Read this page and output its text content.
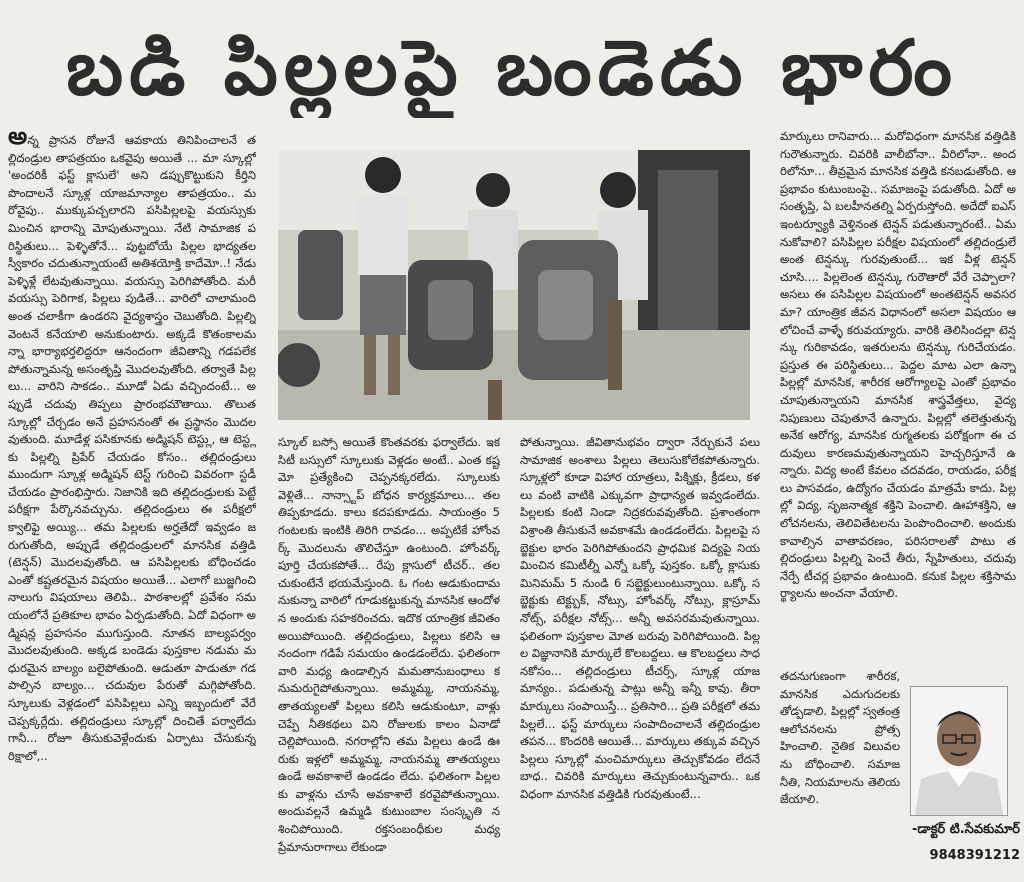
బడి పిల్లలపై బండెడు భారం

అన్న ప్రాసన రోజునే ఆవకాయ తినిపించాలనే తల్లిదండ్రుల తాపత్రయం ఒకవైపు అయితే ... మా స్కూల్లో 'అందరికీ ఫస్ట్ క్లాసులే' అని డప్పుకొట్టుకుని కీర్తిని పొందాలనే స్కూళ్ల యాజమాన్యాల తాపత్రయం.. మరోవైపు.. ముక్కుపచ్చలారని పసిపిల్లలపై వయస్సుకు మించిన భారాన్ని మోపుతున్నాయి. నేటి సామాజిక పరిస్థితులు... పెళ్ళితోనే... పుట్టబోయే పిల్లల భాద్యతల స్వీకారం చదుతున్నాయంటే అతిశయోక్తి కాదేమో..! నేడు పెళ్ళిళ్లే లేటవుతున్నాయి. వయస్సు పెరిగిపోతోంది. మరీ వయస్సు పెరిగాక, పిల్లలు పుడితే... వారిలో చాలామంది అంత చలాకీగా ఉండరని వైద్యశాస్త్రం చెబుతోంది. పిల్లల్ని వెంటనే కనేయాలి అనుకుంటారు. అక్కడే కొతంకాలమన్నా భార్యాభర్తలిద్దరూ ఆనందంగా జీవితాన్ని గడపలేకపోతున్నామన్న అసంతృప్తి మొదలవుతోంది. తర్వాతే పిల్లలు... వారిని సాకడం.. మూడో ఏడు వచ్చిందంటే... అప్పుడే చదువు తిప్పలు ప్రారంభమౌతాయి. తొలుత స్కూల్లో చేర్చడం అనే ప్రహసనంతో ఈ ప్రస్థానం మొదలవుతుంది. మూడేళ్ల పసికూనకు అడ్మిషన్ టెస్ట్లు, ఆ టెస్ట్లకు పిల్లల్ని ప్రిపేర్ చేయడం కోసం.. తల్లిదండ్రులు ముందుగా స్కూళ్ల అడ్మిషన్ టెస్ట్ గురించి వివరంగా స్టడీ చేయడం ప్రారంభిస్తారు. నిజానికి ఇది తల్లిదండ్రులకు పెట్టే పరీక్షగా పేర్కొనవచ్చును. తల్లిదండ్రులు ఈ పరీక్షలో క్వాలిఫై అయ్యి... తమ పిల్లలకు అర్హతేదో ఇవ్వడం జరుగుతోంది, అప్పుడే తల్లిదండ్రులలో మానసిక వత్తిడి (టెన్షన్) మొదలవుతోంది. ఆ పసిపిల్లలకు బోధించడం ఎంతో కష్టతరమైన విషయం అయితే... ఎలాగో బుజ్జగించి నాలుగు విషయాలు తెలిపి.. పాఠశాలల్లో ప్రవేశం సమయంలోనే ప్రతికూల భావం ఏర్పడుతోంది. ఏదో విధంగా అడ్మిషన్ల ప్రహసనం ముగుస్తుంది. నూతన బాల్యపర్వం మొదలవుతుంది. అక్కడ బండెడు పుస్తకాల నడుమ మధురమైన బాల్యం బలైపోతుంది. ఆడుతూ పాడుతూ గడపాల్సిన బాల్యం... చదువుల పేరుతో మగ్గిపోతోంది.స్కూలుకు వెళ్లడంలో పసిపిల్లలు ఎన్ని ఇబ్బందులో వేరే చెప్పక్కర్లేదు. తల్లిదండ్రులు స్కూల్లో దించితే పర్వాలేదు గానీ... రోజూ తీసుకువెళ్లేందుకు ఏర్పాటు చేసుకున్న రిక్షాలో,..

స్కూల్ బస్సో అయితే కొంతవరకు ఫర్వాలేదు. ఇక సిటీ బస్సులో స్కూలుకు వెళ్లడం అంటే.. ఎంత కష్టమో ప్రత్యేకించి చెప్పనక్కరలేదు. స్కూలుకు వెళ్లితే... నాన్స్టాప్ బోధన కార్యక్రమాలు... తల తిప్పకూడదు. కాలు కదపకూడదు. సాయంత్రం 5 గంటలకు ఇంటికి తిరిగి రావడం... అప్పటికే హోంవర్క్ మొదలును తొలిచేస్తూ ఉంటుంది. హోంవర్క్ పూర్తి చేయకపోతే... రేపు క్లాసులో టీచర్.. తలచుకుంటేనే భయమేస్తుంది. ఓ గంట ఆడుకుందామనుకున్నా వారిలో గూడుకట్టుకున్న మానసిక ఆందోళన అందుకు సహకరించదు. ఇదొక యాంత్రిక జీవితం అయిపోయింది. తల్లిదండ్రులు, పిల్లలు కలిసి ఆనందంగా గడిపే సమయం ఉండడంలేదు. ఫలితంగా వారి మధ్య ఉండాల్సిన మమతానుబంధాలు కనుమరుగైపోతున్నాయి. అమ్మమ్మ, నాయనమ్మ, తాతయ్యలతో పిల్లలు కలిసి ఆడుకుంటూ, వాళ్లు చెప్పే నీతికథలు విని రోజులకు కాలం ఏనాడో చెల్లిపోయింది. నగరాల్లోని తమ పిల్లలు ఉండే ఊరుకు ఇళ్లలో అమ్మమ్మ, నాయనమ్మ తాతయ్యలు ఉండే అవకాశాలే ఉండడం లేదు. ఫలితంగా పిల్లలకు వాళ్లను చూసే అవకాశాలే కరవైపోతున్నాయి. అందువల్లనే ఉమ్మడి కుటుంబాల సంస్కృతి నశించిపోయింది. రక్తసంబంధీకుల మధ్య ప్రేమానురాగాలు లేకుండా

పోతున్నాయి. జీవితానుభవం ద్వారా నేర్చుకునే పలు సామాజిక అంశాలు పిల్లలు తెలుసుకోలేకపోతున్నారు. స్కూళ్లలో కూడా విహార యాత్రలు, పిక్నిక్లు, క్రీడలు, కళలు వంటి వాటికి ఎక్కువగా ప్రాధాన్యత ఇవ్వడంలేదు. పిల్లలకు కంటి నిండా నిద్రకరువవుతోంది. ప్రశాంతంగా విశ్రాంతి తీసుకునే అవకాశమే ఉండడంలేదు. పిల్లలపై సబ్జెక్టుల భారం పెరిగిపోతుందని ప్రాధమిక విద్యపై నియమించిన కమిటీల్నీ ఎన్నో ఒక్కో పుస్తకం. ఒక్కో క్లాసుకు మినిమమ్ 5 నుండి 6 సబ్జెక్టులుంటున్నాయి. ఒక్కో సబ్జెక్టుకు టెక్ట్బుక్, నోట్సు, హోంవర్క్ నోట్సు, క్లాస్రూమ్ నోట్స్, పరీక్షల నోట్స్... అన్నీ అవసరమవుతున్నాయి. ఫలితంగా పుస్తకాల మోత బరువు పెరిగిపోయింది. పిల్లల విజ్ఞానానికి మార్కులే కొలబద్దలు. ఆ కొలబద్దలు సాధనకోసం... తల్లిదండ్రులు టీచర్స్, స్కూళ్ల యాజమాన్యం.. పడుతున్న పాట్లు అన్నీ ఇన్నీ కావు. తీరా మార్కులు సంపాయిస్తే... ప్రతిసారి... ప్రతి పరీక్షలో తమ పిల్లలే... ఫస్ట్ మార్కులు సంపాదించాలనే తల్లిదండ్రుల తపన... కొందరికి ఆయితే... మార్కులు తక్కువ వచ్చిన పిల్లలు స్కూల్లో మంచిమార్కులు తెచ్చుకోవడం లేదనే బాధ.. చివరికి మార్కులు తెచ్చుకుంటున్నవారు.. ఒక విధంగా మానసిక వత్తిడికి గురవుతుంటే...

మార్కులు రానివారు... మరోవిధంగా మానసిక వత్తిడికి గురౌతున్నారు. చివరికి వాలీబోనా.. వీరిలోనా.. అందరిలోనూ... తీవ్రమైన మానసిక వత్తిడి కనబడుతోంది. ఆ ప్రభావం కుటుంబంపై.. సమాజంపై పడుతోంది. ఏదో అసంతృప్తి, ఏ బలహీనతల్ని ఏర్పరుస్తోంది. అదేదో ఐఎస్ ఇంటర్వ్యూకి వెళ్తినంత టెన్షన్ పడుతున్నారంటే.. ఏమనుకోవాలి? పసిపిల్లల పరీక్షల విషయంలో తల్లిదండ్రులే అంత టెన్షన్కు గురవుతుంటే... ఇక వీళ్ల టెన్షన్ చూసి.... పిల్లలెంత టెన్షన్కు గురౌతారో వేరే చెప్పాలా? అసలు ఈ పసిపిల్లల విషయంలో అంతటెన్షన్ అవసరమా? యాంత్రిక జీవన విధానంలో అసలా విషయం ఆలోచించే వాళ్ళే కరువయ్యారు. వారికి తెలిసిందల్లా టెన్షన్కు గురికావడం, ఇతరులను టెన్షన్కు గురిచేయడం. ప్రస్తుత ఈ పరిస్థితులు... పెద్దల మాట ఎలా ఉన్నా పిల్లల్లో మానసిక, శారీరక ఆరోగ్యాలపై ఎంతో ప్రభావం చూపుతున్నాయని మానసిక శాస్త్రవేత్తలు, వైద్యనిపుణులు చెపుతూనే ఉన్నారు. పిల్లల్లో తలెత్తుతున్న అనేక ఆరోగ్య, మానసిక రుగ్మతలకు పరోక్షంగా ఈ చదువులు కారణమవుతున్నాయని హెచ్చరిస్తూనే ఉన్నారు. విద్య అంటే కేవలం చదవడం, రాయడం, పరీక్షలు పాసవడం, ఉద్యోగం చేయడం మాత్రమే కాదు. పిల్లల్లో విద్య, సృజనాత్మక శక్తిని పెంచాలి. ఊహాశక్తిని, ఆలోచనలను, తెలివితేటలను పెంపొందించాలి. అందుకు కావాల్సిన వాతావరణం, పరిసరాలతో పాటు తల్లిదండ్రులు పిల్లల్ని పెంచే తీరు, స్నేహితులు, చదువు నేర్పే టీచర్ల ప్రభావం ఉంటుంది. కనుక పిల్లల శక్తిసామర్థ్యాలను అంచనా వేయాలి.

తదనుగుణంగా శారీరక, మానసిక ఎదుగుదలకు తోడ్పడాలి. పిల్లల్లో స్వతంత్ర ఆలోచనలను ప్రోత్సహించాలి. నైతిక విలువలను బోధించాలి. సమాజ నీతి, నియమాలను తెలియజేయాలి.

-డాక్టర్ టి.సేవకుమార్
9848391212
